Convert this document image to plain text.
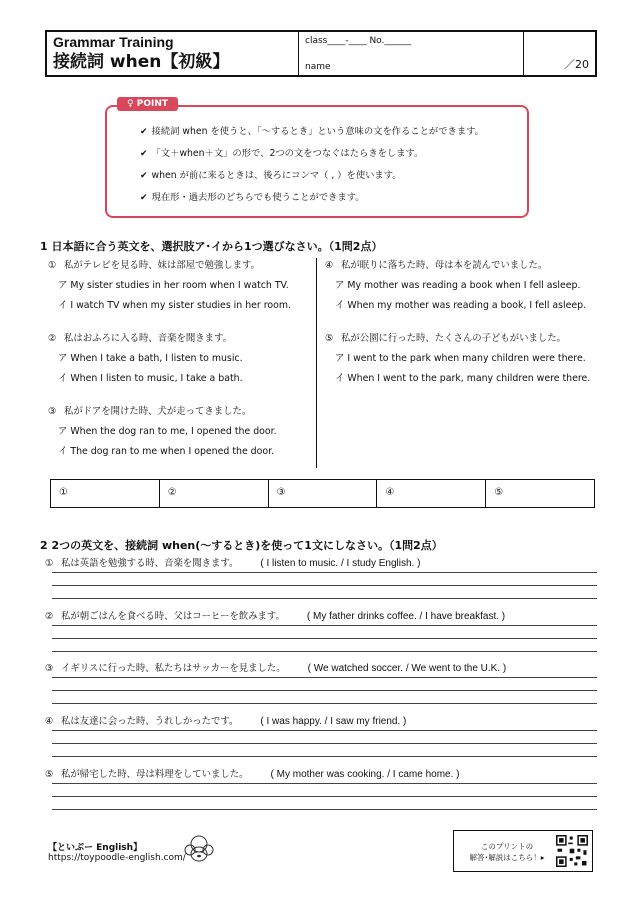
Grammar Training
接続詞 when【初級】
class____-____ No.______
name	／20
♀ POINT
✔ 接続詞 when を使うと、「～するとき」という意味の文を作ることができます。
✔ 「文＋when＋文」の形で、2つの文をつなぐはたらきをします。
✔ when が前に来るときは、後ろにコンマ（ , ）を使います。
✔ 現在形・過去形のどちらでも使うことができます。
1 日本語に合う英文を、選択肢ア･イから1つ選びなさい。（1問2点）
① 私がテレビを見る時、妹は部屋で勉強します。
ア My sister studies in her room when I watch TV.
イ I watch TV when my sister studies in her room.
② 私はおふろに入る時、音楽を聞きます。
ア When I take a bath, I listen to music.
イ When I listen to music, I take a bath.
③ 私がドアを開けた時、犬が走ってきました。
ア When the dog ran to me, I opened the door.
イ The dog ran to me when I opened the door.
④ 私が眠りに落ちた時、母は本を読んでいました。
ア My mother was reading a book when I fell asleep.
イ When my mother was reading a book, I fell asleep.
⑤ 私が公園に行った時、たくさんの子どもがいました。
ア I went to the park when many children were there.
イ When I went to the park, many children were there.
①	②	③	④	⑤
2 2つの英文を、接続詞 when(～するとき)を使って1文にしなさい。（1問2点）
① 私は英語を勉強する時、音楽を聞きます。 ( I listen to music. / I study English. )
② 私が朝ごはんを食べる時、父はコーヒーを飲みます。 ( My father drinks coffee. / I have breakfast. )
③ イギリスに行った時、私たちはサッカーを見ました。 ( We watched soccer. / We went to the U.K. )
④ 私は友達に会った時、うれしかったです。 ( I was happy. / I saw my friend. )
⑤ 私が帰宅した時、母は料理をしていました。 ( My mother was cooking. / I came home. )
【といぷー English】
https://toypoodle-english.com/
このプリントの
解答･解説はこちら！▸
